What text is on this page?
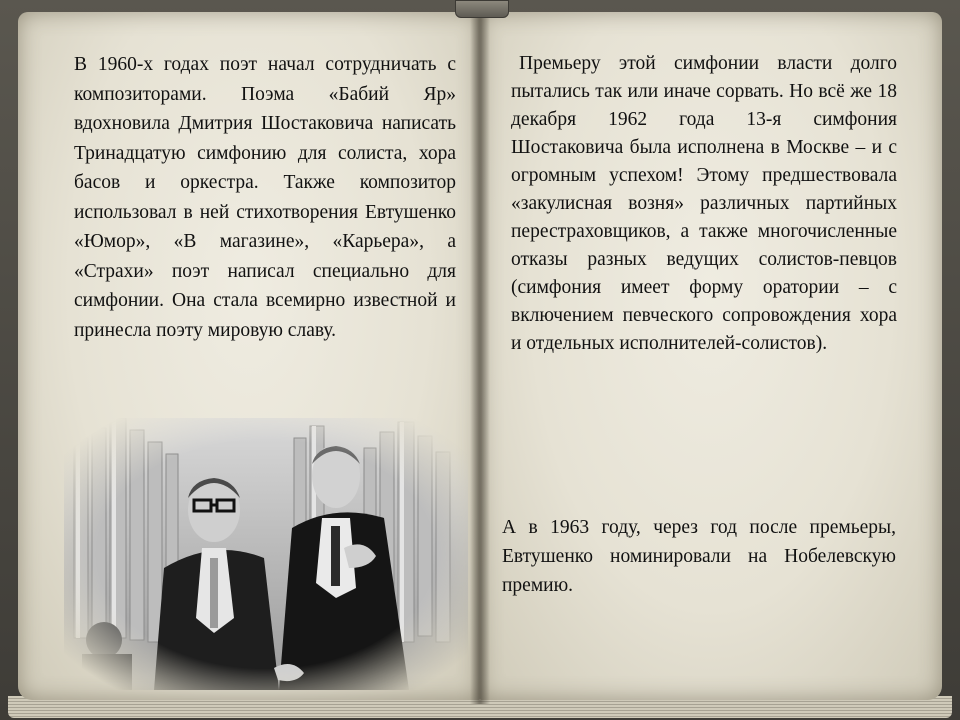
В 1960-х годах поэт начал сотрудничать с композиторами. Поэма «Бабий Яр» вдохновила Дмитрия Шостаковича написать Тринадцатую симфонию для солиста, хора басов и оркестра. Также композитор использовал в ней стихотворения Евтушенко «Юмор», «В магазине», «Карьера», а «Страхи» поэт написал специально для симфонии. Она стала всемирно известной и принесла поэту мировую славу.

Премьеру этой симфонии власти долго пытались так или иначе сорвать. Но всё же 18 декабря 1962 года 13-я симфония Шостаковича была исполнена в Москве – и с огромным успехом! Этому предшествовала «закулисная возня» различных партийных перестраховщиков, а также многочисленные отказы разных ведущих солистов-певцов (симфония имеет форму оратории – с включением певческого сопровождения хора и отдельных исполнителей-солистов).

А в 1963 году, через год после премьеры, Евтушенко номинировали на Нобелевскую премию.
